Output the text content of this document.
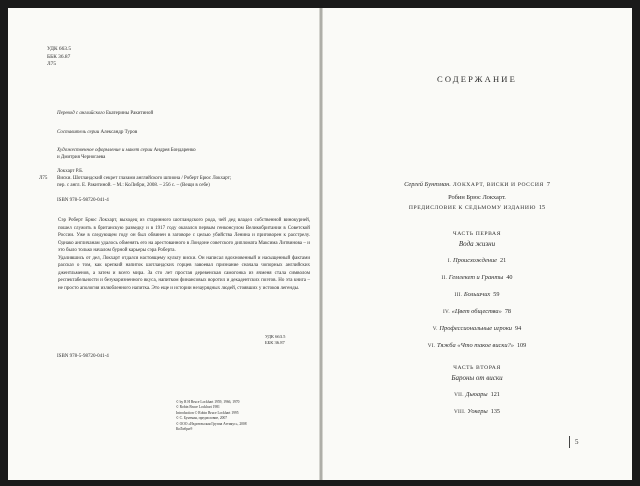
УДК 663.5
ББК 36.87
Л75
Перевод с английского Екатерины Ракитиной
Составитель серии Александр Туров
Художественное оформление и макет серии Андрея Бондаренко
и Дмитрия Черногаева
Локхарт Р.Б.
Л75 Виски. Шотландский секрет глазами английского шпиона / Роберт Брюс Локхарт;
пер. с англ. Е. Ракитиной. – М.: КоЛибри, 2008. – 256 с. – (Вещи в себе)
ISBN 978-5-98720-041-4

Сэр Роберт Брюс Локхарт, выходец из старинного шотландского рода, чей дед владел собственной винокурней, пошел служить в британскую разведку и в 1917 году оказался первым генконсулом Великобритании в Советской России. Уже в следующем году он был обвинен в заговоре с целью убийства Ленина и приговорен к расстрелу. Однако англичанам удалось обменять его на арестованного в Лондоне советского дипломата Максима Литвинова – и это было только началом бурной карьеры сэра Роберта.

Удалившись от дел, Локхарт отдался настоящему культу виски. Он написал вдохновенный и насыщенный фактами рассказ о том, как крепкий напиток шотландских горцев завоевал признание сначала чопорных английских джентльменов, а затем и всего мира. За сто лет простая деревенская самогонка из ячменя стала символом респектабельности и безукоризненного вкуса, напитком финансовых воротил и декадентских поэтов. Но эта книга – не просто апология излюбленного напитка. Это еще и истории незаурядных людей, стоявших у истоков легенды.

УДК 663.5
ББК 36.87
ISBN 978-5-98720-041-4
© by R H Bruce Lockhart 1959, 1966, 1970
© Robin Bruce Lockhart 1981
Introduction © Robin Bruce Lockhart 1995
© С. Бунтман, предисловие, 2007
© ООО «Издательская Группа Аттикус», 2008
КоЛибри®
СОДЕРЖАНИЕ
Сергей Бунтман. ЛОКХАРТ, ВИСКИ И РОССИЯ 7
Робин Брюс Локхарт.
ПРЕДИСЛОВИЕ К СЕДЬМОМУ ИЗДАНИЮ 15
ЧАСТЬ ПЕРВАЯ
Вода жизни
I. Происхождение 21
II. Гемлекет и Гранты 40
III. Большчих 59
IV. «Цвет общества» 78
V. Профессиональные игроки 94
VI. Тяжба «Что такое виски?» 109
ЧАСТЬ ВТОРАЯ
Бароны от виски
VII. Дьюары 121
VIII. Уокеры 135
5
